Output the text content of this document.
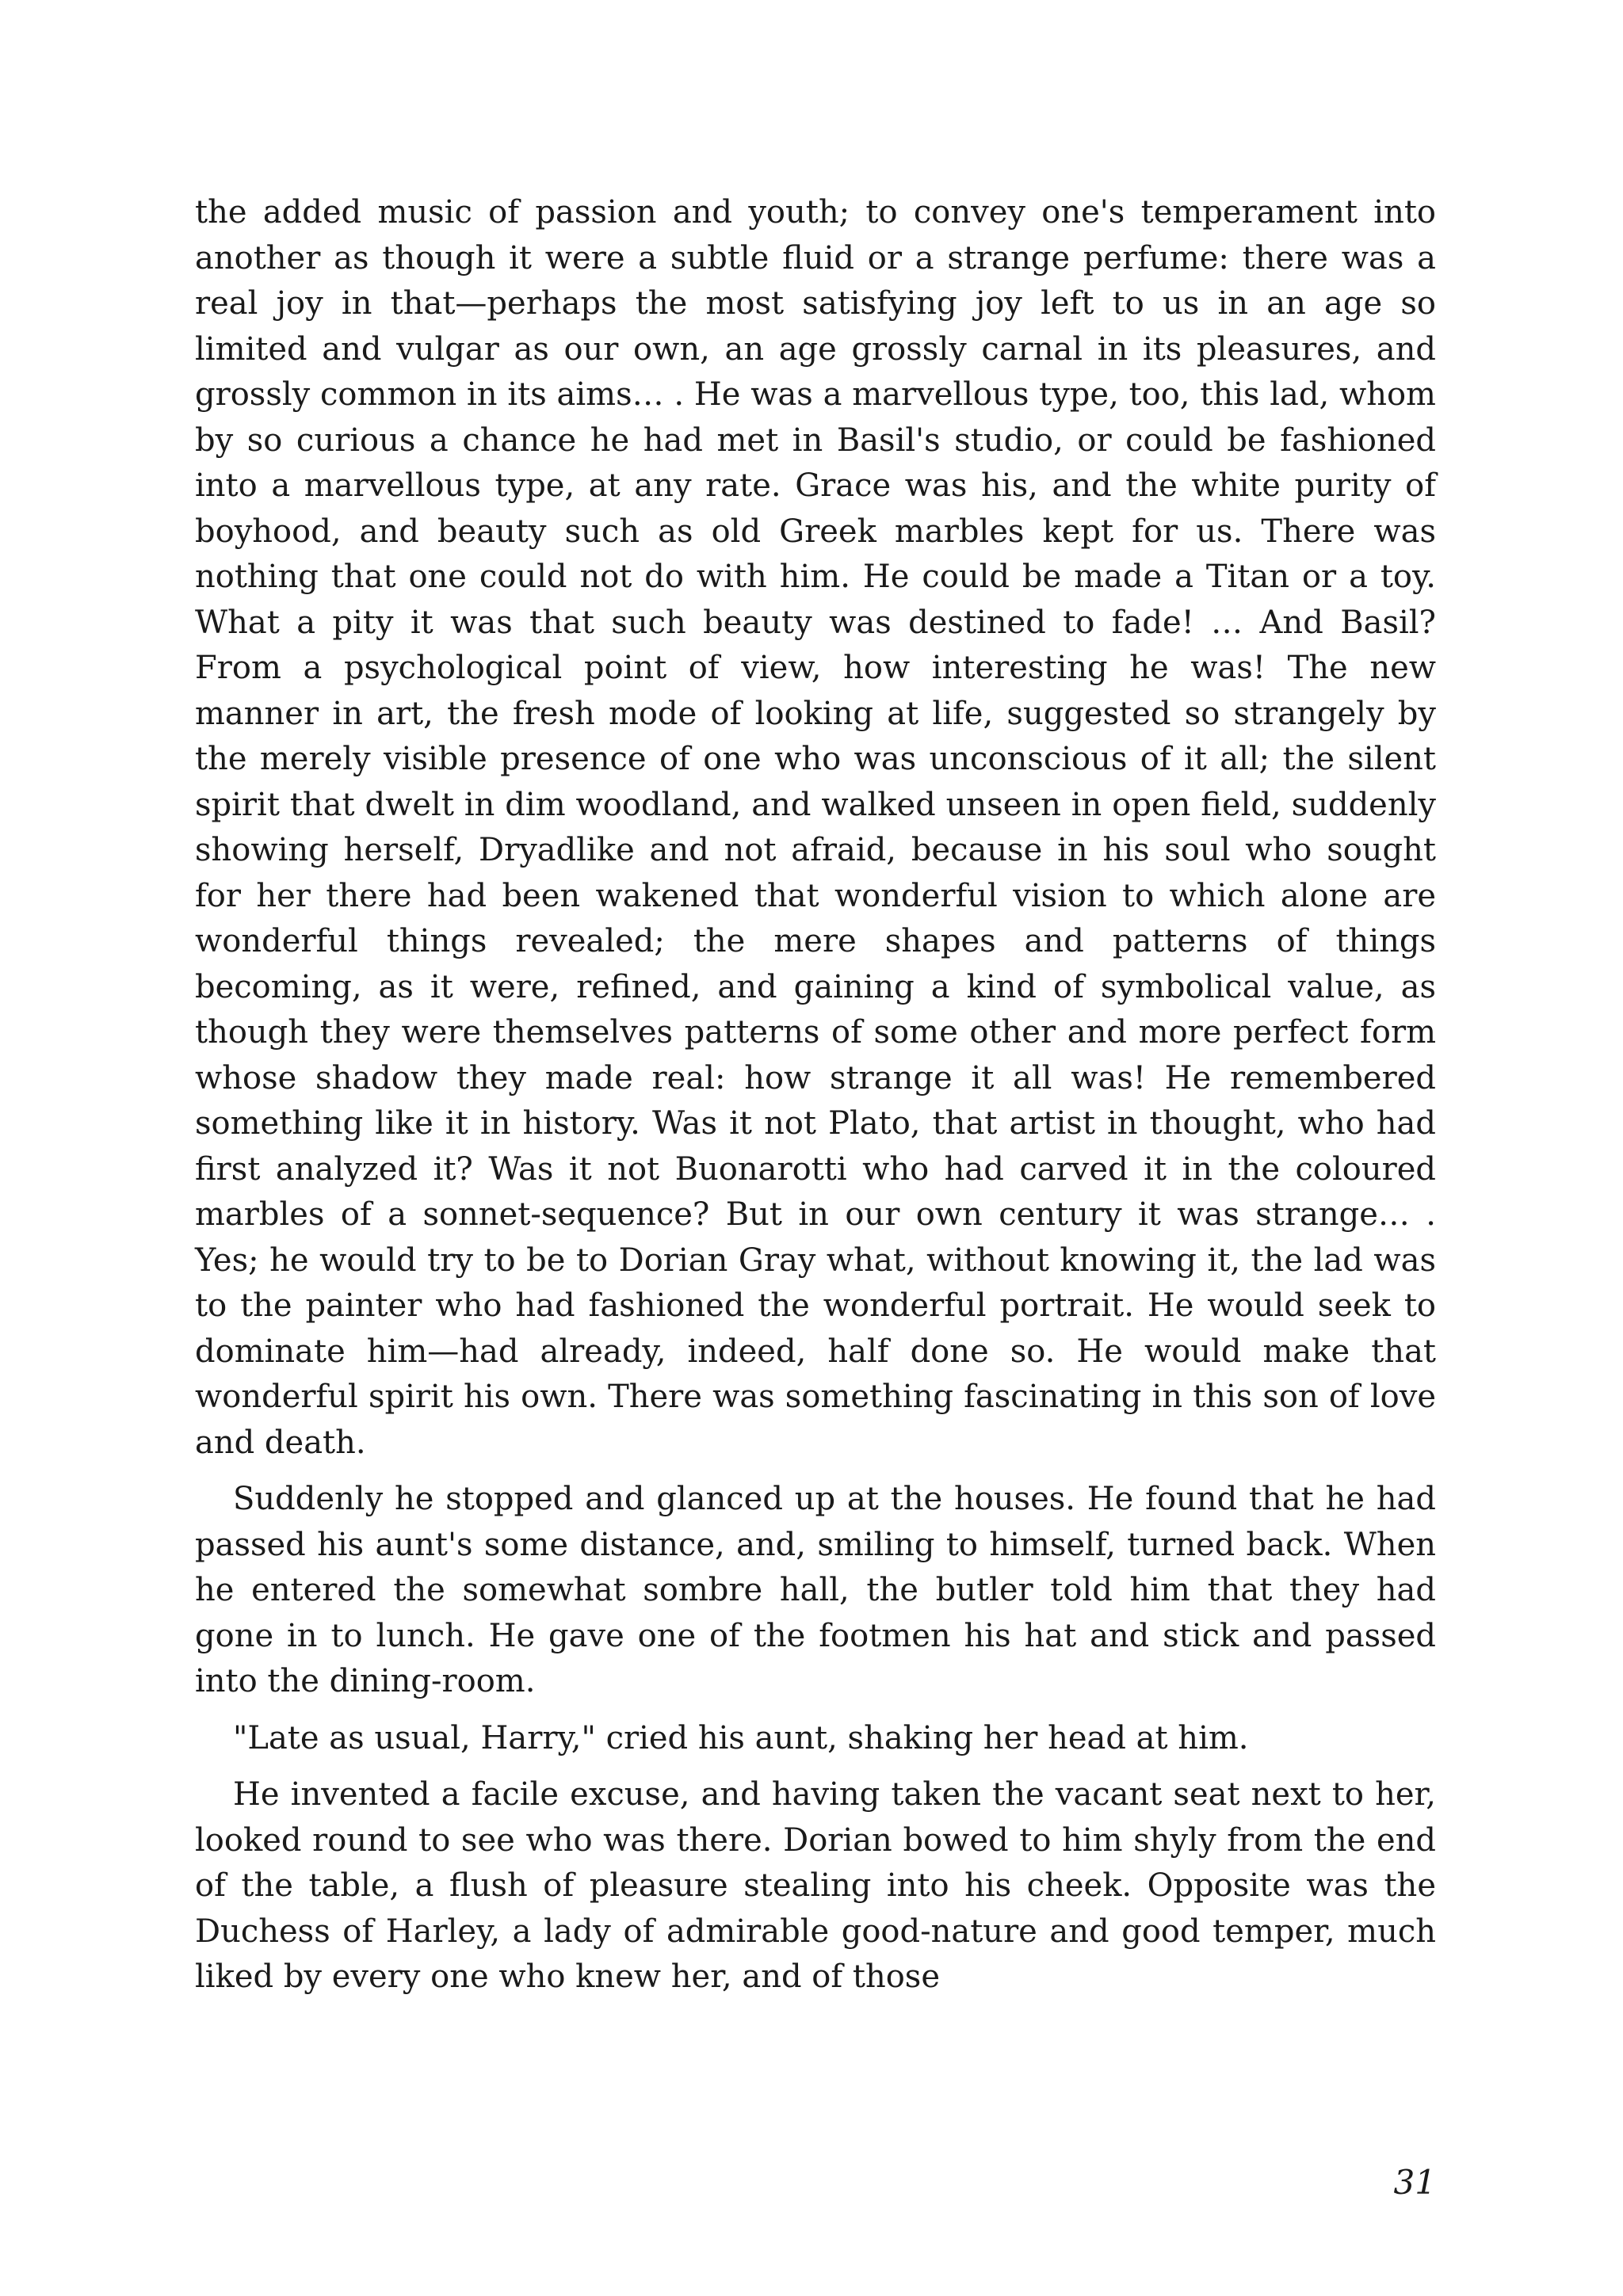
the added music of passion and youth; to convey one's temperament into another as though it were a subtle fluid or a strange perfume: there was a real joy in that—perhaps the most satisfying joy left to us in an age so limited and vulgar as our own, an age grossly carnal in its pleasures, and grossly common in its aims… . He was a marvellous type, too, this lad, whom by so curious a chance he had met in Basil's studio, or could be fashioned into a marvellous type, at any rate. Grace was his, and the white purity of boyhood, and beauty such as old Greek marbles kept for us. There was nothing that one could not do with him. He could be made a Titan or a toy. What a pity it was that such beauty was destined to fade! … And Basil? From a psychological point of view, how interesting he was! The new manner in art, the fresh mode of looking at life, suggested so strangely by the merely visible presence of one who was unconscious of it all; the silent spirit that dwelt in dim woodland, and walked unseen in open field, suddenly showing herself, Dryadlike and not afraid, because in his soul who sought for her there had been wakened that wonderful vision to which alone are wonderful things revealed; the mere shapes and patterns of things becoming, as it were, refined, and gaining a kind of symbolical value, as though they were themselves patterns of some other and more perfect form whose shadow they made real: how strange it all was! He remembered something like it in history. Was it not Plato, that artist in thought, who had first analyzed it? Was it not Buonarotti who had carved it in the coloured marbles of a sonnet-sequence? But in our own century it was strange… . Yes; he would try to be to Dorian Gray what, without knowing it, the lad was to the painter who had fashioned the wonderful portrait. He would seek to dominate him—had already, indeed, half done so. He would make that wonderful spirit his own. There was something fascinating in this son of love and death.

Suddenly he stopped and glanced up at the houses. He found that he had passed his aunt's some distance, and, smiling to himself, turned back. When he entered the somewhat sombre hall, the butler told him that they had gone in to lunch. He gave one of the footmen his hat and stick and passed into the dining-room.

"Late as usual, Harry," cried his aunt, shaking her head at him.

He invented a facile excuse, and having taken the vacant seat next to her, looked round to see who was there. Dorian bowed to him shyly from the end of the table, a flush of pleasure stealing into his cheek. Opposite was the Duchess of Harley, a lady of admirable good-nature and good temper, much liked by every one who knew her, and of those

31
